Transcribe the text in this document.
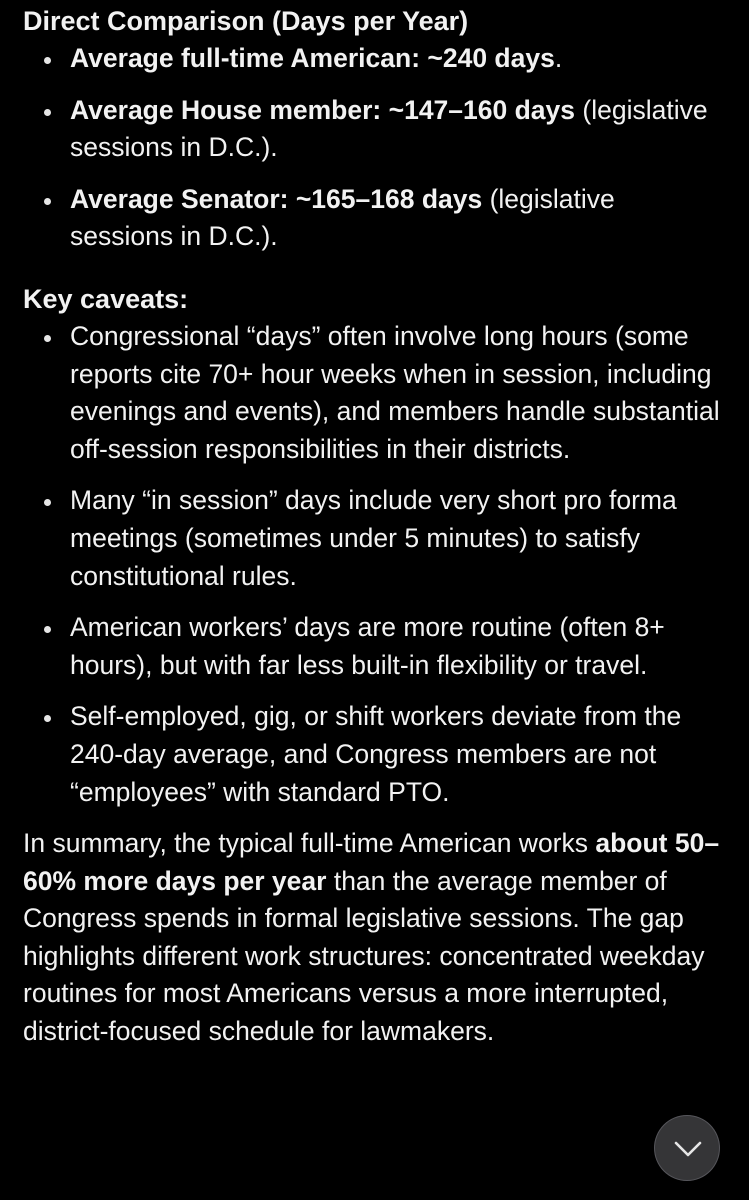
Direct Comparison (Days per Year)
Average full-time American: ~240 days.
Average House member: ~147–160 days (legislative sessions in D.C.).
Average Senator: ~165–168 days (legislative sessions in D.C.).
Key caveats:
Congressional “days” often involve long hours (some reports cite 70+ hour weeks when in session, including evenings and events), and members handle substantial off-session responsibilities in their districts.
Many “in session” days include very short pro forma meetings (sometimes under 5 minutes) to satisfy constitutional rules.
American workers’ days are more routine (often 8+ hours), but with far less built-in flexibility or travel.
Self-employed, gig, or shift workers deviate from the 240-day average, and Congress members are not “employees” with standard PTO.

In summary, the typical full-time American works about 50–60% more days per year than the average member of Congress spends in formal legislative sessions. The gap highlights different work structures: concentrated weekday routines for most Americans versus a more interrupted, district-focused schedule for lawmakers.
